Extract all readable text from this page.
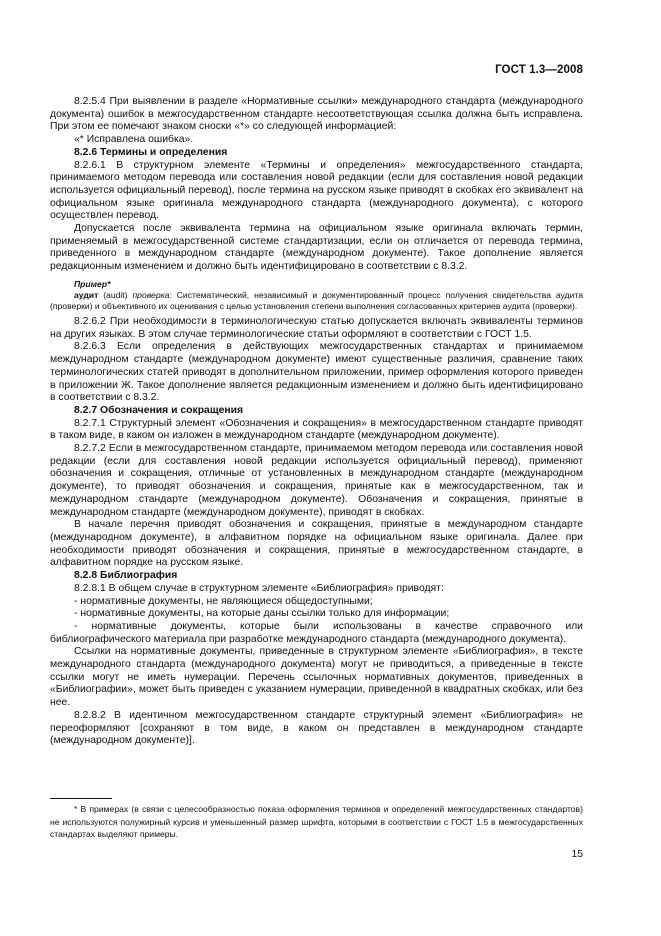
ГОСТ 1.3—2008

8.2.5.4 При выявлении в разделе «Нормативные ссылки» международного стандарта (международного документа) ошибок в межгосударственном стандарте несоответствующая ссылка должна быть исправлена. При этом ее помечают знаком сноски «*» со следующей информацией:

«* Исправлена ошибка».

8.2.6 Термины и определения

8.2.6.1 В структурном элементе «Термины и определения» межгосударственного стандарта, принимаемого методом перевода или составления новой редакции (если для составления новой редакции используется официальный перевод), после термина на русском языке приводят в скобках его эквивалент на официальном языке оригинала международного стандарта (международного документа), с которого осуществлен перевод.

Допускается после эквивалента термина на официальном языке оригинала включать термин, применяемый в межгосударственной системе стандартизации, если он отличается от перевода термина, приведенного в международном стандарте (международном документе). Такое дополнение является редакционным изменением и должно быть идентифицировано в соответствии с 8.3.2.

Пример*

аудит (audit) проверка: Систематический, независимый и документированный процесс получения свидетельства аудита (проверки) и объективного их оценивания с целью установления степени выполнения согласованных критериев аудита (проверки).

8.2.6.2 При необходимости в терминологическую статью допускается включать эквиваленты терминов на других языках. В этом случае терминологические статьи оформляют в соответствии с ГОСТ 1.5.

8.2.6.3 Если определения в действующих межгосударственных стандартах и принимаемом международном стандарте (международном документе) имеют существенные различия, сравнение таких терминологических статей приводят в дополнительном приложении, пример оформления которого приведен в приложении Ж. Такое дополнение является редакционным изменением и должно быть идентифицировано в соответствии с 8.3.2.

8.2.7 Обозначения и сокращения

8.2.7.1 Структурный элемент «Обозначения и сокращения» в межгосударственном стандарте приводят в таком виде, в каком он изложен в международном стандарте (международном документе).

8.2.7.2 Если в межгосударственном стандарте, принимаемом методом перевода или составления новой редакции (если для составления новой редакции используется официальный перевод), применяют обозначения и сокращения, отличные от установленных в международном стандарте (международном документе), то приводят обозначения и сокращения, принятые как в межгосударственном, так и международном стандарте (международном документе). Обозначения и сокращения, принятые в международном стандарте (международном документе), приводят в скобках.

В начале перечня приводят обозначения и сокращения, принятые в международном стандарте (международном документе), в алфавитном порядке на официальном языке оригинала. Далее при необходимости приводят обозначения и сокращения, принятые в межгосударственном стандарте, в алфавитном порядке на русском языке.

8.2.8 Библиография

8.2.8.1 В общем случае в структурном элементе «Библиография» приводят:

- нормативные документы, не являющиеся общедоступными;

- нормативные документы, на которые даны ссылки только для информации;

- нормативные документы, которые были использованы в качестве справочного или библиографического материала при разработке международного стандарта (международного документа).

Ссылки на нормативные документы, приведенные в структурном элементе «Библиография», в тексте международного стандарта (международного документа) могут не приводиться, а приведенные в тексте ссылки могут не иметь нумерации. Перечень ссылочных нормативных документов, приведенных в «Библиографии», может быть приведен с указанием нумерации, приведенной в квадратных скобках, или без нее.

8.2.8.2 В идентичном межгосударственном стандарте структурный элемент «Библиография» не переоформляют [сохраняют в том виде, в каком он представлен в международном стандарте (международном документе)].

* В примерах (в связи с целесообразностью показа оформления терминов и определений межгосударственных стандартов) не используются полужирный курсив и уменьшенный размер шрифта, которыми в соответствии с ГОСТ 1.5 в межгосударственных стандартах выделяют примеры.

15
